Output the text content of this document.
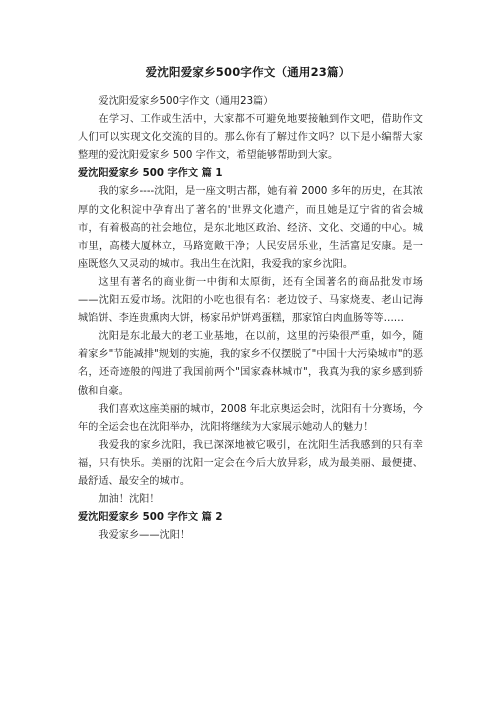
爱沈阳爱家乡500字作文（通用23篇）

爱沈阳爱家乡500字作文（通用23篇）

在学习、工作或生活中，大家都不可避免地要接触到作文吧，借助作文人们可以实现文化交流的目的。那么你有了解过作文吗？以下是小编帮大家整理的爱沈阳爱家乡 500 字作文，希望能够帮助到大家。

爱沈阳爱家乡 500 字作文 篇 1

我的家乡----沈阳，是一座文明古都，她有着 2000 多年的历史，在其浓厚的文化积淀中孕育出了著名的'世界文化遗产，而且她是辽宁省的省会城市，有着极高的社会地位，是东北地区政治、经济、文化、交通的中心。城市里，高楼大厦林立，马路宽敞干净；人民安居乐业，生活富足安康。是一座既悠久又灵动的城市。我出生在沈阳，我爱我的家乡沈阳。

这里有著名的商业街一中街和太原街，还有全国著名的商品批发市场——沈阳五爱市场。沈阳的小吃也很有名：老边饺子、马家烧麦、老山记海城馅饼、李连贵熏肉大饼，杨家吊炉饼鸡蛋糕，那家馆白肉血肠等等……

沈阳是东北最大的老工业基地，在以前，这里的污染很严重，如今，随着家乡"节能减排"规划的实施，我的家乡不仅摆脱了"中国十大污染城市"的恶名，还奇迹般的闯进了我国前两个"国家森林城市"，我真为我的家乡感到骄傲和自豪。

我们喜欢这座美丽的城市，2008 年北京奥运会时，沈阳有十分赛场，今年的全运会也在沈阳举办，沈阳将继续为大家展示她动人的魅力！

我爱我的家乡沈阳，我已深深地被它吸引，在沈阳生活我感到的只有幸福，只有快乐。美丽的沈阳一定会在今后大放异彩，成为最美丽、最便捷、最舒适、最安全的城市。

加油！沈阳！

爱沈阳爱家乡 500 字作文 篇 2

我爱家乡——沈阳！
